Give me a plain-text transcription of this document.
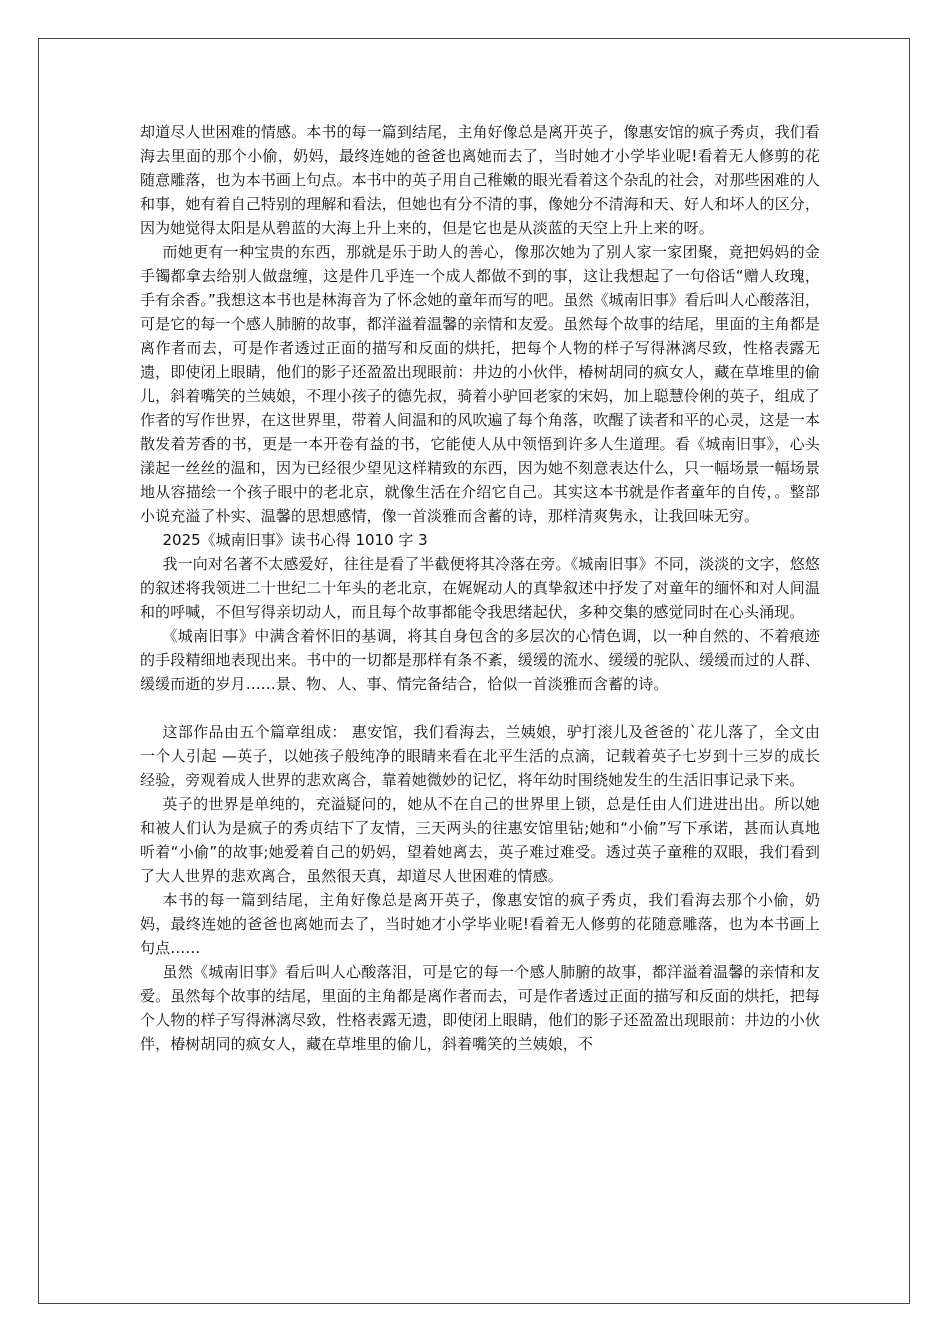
却道尽人世困难的情感。本书的每一篇到结尾，主角好像总是离开英子，像惠安馆的疯子秀贞，我们看海去里面的那个小偷，奶妈，最终连她的爸爸也离她而去了，当时她才小学毕业呢!看着无人修剪的花随意雕落，也为本书画上句点。本书中的英子用自己稚嫩的眼光看着这个杂乱的社会，对那些困难的人和事，她有着自己特别的理解和看法，但她也有分不清的事，像她分不清海和天、好人和坏人的区分，因为她觉得太阳是从碧蓝的大海上升上来的，但是它也是从淡蓝的天空上升上来的呀。

而她更有一种宝贵的东西，那就是乐于助人的善心，像那次她为了别人家一家团聚，竟把妈妈的金手镯都拿去给别人做盘缠，这是件几乎连一个成人都做不到的事，这让我想起了一句俗话“赠人玫瑰，手有余香。”我想这本书也是林海音为了怀念她的童年而写的吧。虽然《城南旧事》看后叫人心酸落泪，可是它的每一个感人肺腑的故事，都洋溢着温馨的亲情和友爱。虽然每个故事的结尾，里面的主角都是离作者而去，可是作者透过正面的描写和反面的烘托，把每个人物的样子写得淋漓尽致，性格表露无遗，即使闭上眼睛，他们的影子还盈盈出现眼前：井边的小伙伴，椿树胡同的疯女人，藏在草堆里的偷儿，斜着嘴笑的兰姨娘，不理小孩子的德先叔，骑着小驴回老家的宋妈，加上聪慧伶俐的英子，组成了作者的写作世界，在这世界里，带着人间温和的风吹遍了每个角落，吹醒了读者和平的心灵，这是一本散发着芳香的书，更是一本开卷有益的书，它能使人从中领悟到许多人生道理。看《城南旧事》，心头漾起一丝丝的温和，因为已经很少望见这样精致的东西，因为她不刻意表达什么，只一幅场景一幅场景地从容描绘一个孩子眼中的老北京，就像生活在介绍它自己。其实这本书就是作者童年的自传，。整部小说充溢了朴实、温馨的思想感情，像一首淡雅而含蓄的诗，那样清爽隽永，让我回味无穷。

2025《城南旧事》读书心得 1010 字 3

我一向对名著不太感爱好，往往是看了半截便将其冷落在旁。《城南旧事》不同，淡淡的文字，悠悠的叙述将我领进二十世纪二十年头的老北京，在娓娓动人的真挚叙述中抒发了对童年的缅怀和对人间温和的呼喊，不但写得亲切动人，而且每个故事都能令我思绪起伏，多种交集的感觉同时在心头涌现。

《城南旧事》中满含着怀旧的基调，将其自身包含的多层次的心情色调，以一种自然的、不着痕迹的手段精细地表现出来。书中的一切都是那样有条不紊，缓缓的流水、缓缓的驼队、缓缓而过的人群、缓缓而逝的岁月……景、物、人、事、情完备结合，恰似一首淡雅而含蓄的诗。

这部作品由五个篇章组成： 惠安馆，我们看海去，兰姨娘，驴打滚儿及爸爸的`花儿落了，全文由一个人引起 —英子，以她孩子般纯净的眼睛来看在北平生活的点滴，记载着英子七岁到十三岁的成长经验，旁观着成人世界的悲欢离合，靠着她微妙的记忆，将年幼时围绕她发生的生活旧事记录下来。

英子的世界是单纯的，充溢疑问的，她从不在自己的世界里上锁，总是任由人们进进出出。所以她和被人们认为是疯子的秀贞结下了友情，三天两头的往惠安馆里钻;她和“小偷”写下承诺，甚而认真地听着“小偷”的故事;她爱着自己的奶妈，望着她离去，英子难过难受。透过英子童稚的双眼，我们看到了大人世界的悲欢离合，虽然很天真，却道尽人世困难的情感。

本书的每一篇到结尾，主角好像总是离开英子，像惠安馆的疯子秀贞，我们看海去那个小偷，奶妈，最终连她的爸爸也离她而去了，当时她才小学毕业呢!看着无人修剪的花随意雕落，也为本书画上句点……

虽然《城南旧事》看后叫人心酸落泪，可是它的每一个感人肺腑的故事，都洋溢着温馨的亲情和友爱。虽然每个故事的结尾，里面的主角都是离作者而去，可是作者透过正面的描写和反面的烘托，把每个人物的样子写得淋漓尽致，性格表露无遗，即使闭上眼睛，他们的影子还盈盈出现眼前：井边的小伙伴，椿树胡同的疯女人，藏在草堆里的偷儿，斜着嘴笑的兰姨娘，不
